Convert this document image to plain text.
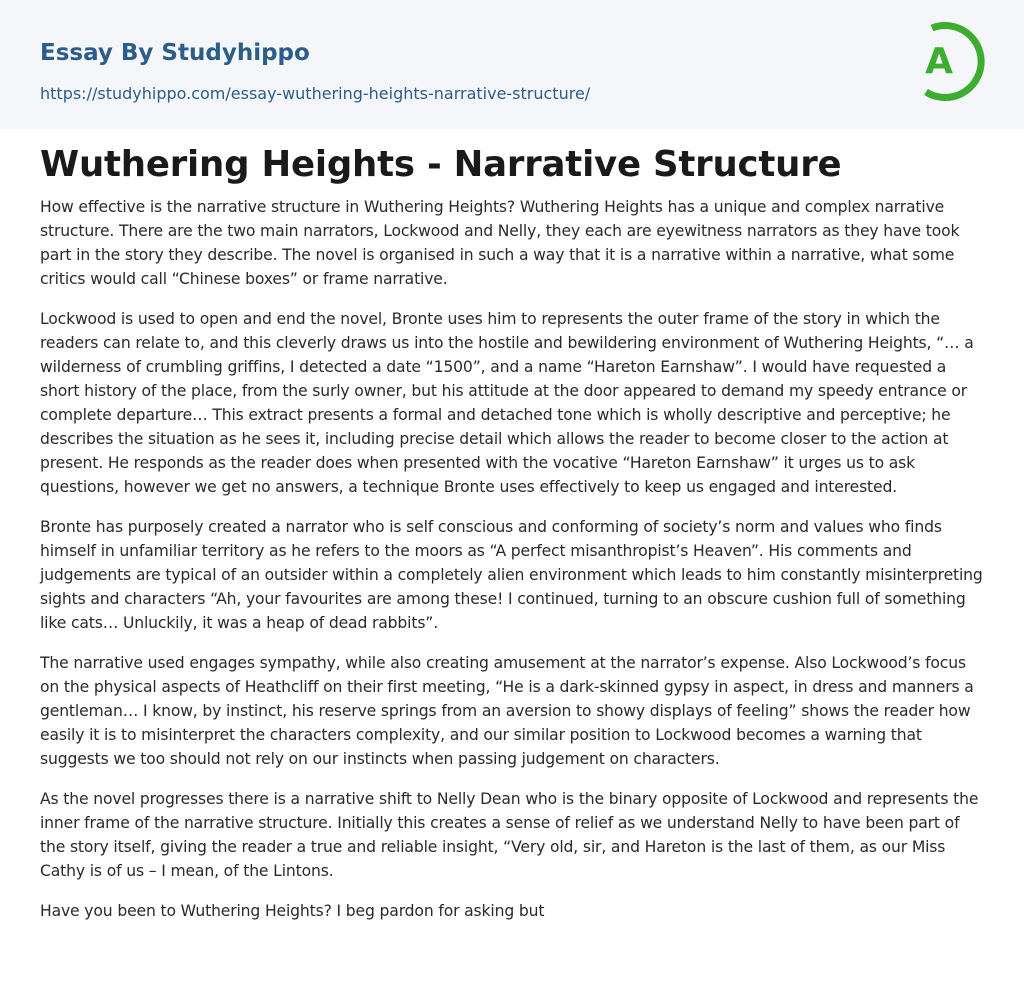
Essay By Studyhippo
https://studyhippo.com/essay-wuthering-heights-narrative-structure/
A
Wuthering Heights - Narrative Structure

How effective is the narrative structure in Wuthering Heights? Wuthering Heights has a unique and complex narrative structure. There are the two main narrators, Lockwood and Nelly, they each are eyewitness narrators as they have took part in the story they describe. The novel is organised in such a way that it is a narrative within a narrative, what some critics would call “Chinese boxes” or frame narrative.

Lockwood is used to open and end the novel, Bronte uses him to represents the outer frame of the story in which the readers can relate to, and this cleverly draws us into the hostile and bewildering environment of Wuthering Heights, “… a wilderness of crumbling griffins, I detected a date “1500”, and a name “Hareton Earnshaw”. I would have requested a short history of the place, from the surly owner, but his attitude at the door appeared to demand my speedy entrance or complete departure… This extract presents a formal and detached tone which is wholly descriptive and perceptive; he describes the situation as he sees it, including precise detail which allows the reader to become closer to the action at present. He responds as the reader does when presented with the vocative “Hareton Earnshaw” it urges us to ask questions, however we get no answers, a technique Bronte uses effectively to keep us engaged and interested.

Bronte has purposely created a narrator who is self conscious and conforming of society’s norm and values who finds himself in unfamiliar territory as he refers to the moors as “A perfect misanthropist’s Heaven”. His comments and judgements are typical of an outsider within a completely alien environment which leads to him constantly misinterpreting sights and characters “Ah, your favourites are among these! I continued, turning to an obscure cushion full of something like cats… Unluckily, it was a heap of dead rabbits”.

The narrative used engages sympathy, while also creating amusement at the narrator’s expense. Also Lockwood’s focus on the physical aspects of Heathcliff on their first meeting, “He is a dark-skinned gypsy in aspect, in dress and manners a gentleman… I know, by instinct, his reserve springs from an aversion to showy displays of feeling” shows the reader how easily it is to misinterpret the characters complexity, and our similar position to Lockwood becomes a warning that suggests we too should not rely on our instincts when passing judgement on characters.

As the novel progresses there is a narrative shift to Nelly Dean who is the binary opposite of Lockwood and represents the inner frame of the narrative structure. Initially this creates a sense of relief as we understand Nelly to have been part of the story itself, giving the reader a true and reliable insight, “Very old, sir, and Hareton is the last of them, as our Miss Cathy is of us – I mean, of the Lintons.

Have you been to Wuthering Heights? I beg pardon for asking but
